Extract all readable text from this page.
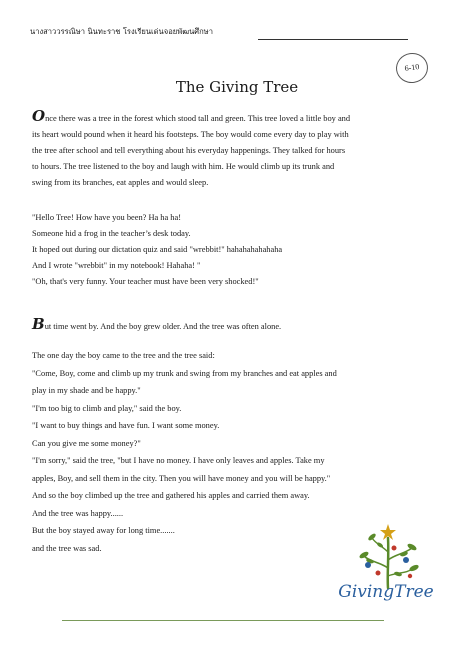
นางสาววรรณิษา นินทะราช โรงเรียนเด่นจอยพัฒนศึกษา
6-10
The Giving Tree
Once there was a tree in the forest which stood tall and green. This tree loved a little boy and
its heart would pound when it heard his footsteps. The boy would come every day to play with
the tree after school and tell everything about his everyday happenings. They talked for hours
to hours. The tree listened to the boy and laugh with him. He would climb up its trunk and
swing from its branches, eat apples and would sleep.
"Hello Tree! How have you been? Ha ha ha!
Someone hid a frog in the teacher’s desk today.
It hoped out during our dictation quiz and said "wrebbit!" hahahahahahaha
And I wrote "wrebbit" in my notebook! Hahaha! "
"Oh, that's very funny. Your teacher must have been very shocked!"
But time went by. And the boy grew older. And the tree was often alone.
The one day the boy came to the tree and the tree said:
"Come, Boy, come and climb up my trunk and swing from my branches and eat apples and
play in my shade and be happy."
"I'm too big to climb and play," said the boy.
"I want to buy things and have fun. I want some money.
Can you give me some money?"
"I'm sorry," said the tree, "but I have no money. I have only leaves and apples. Take my
apples, Boy, and sell them in the city. Then you will have money and you will be happy."
And so the boy climbed up the tree and gathered his apples and carried them away.
And the tree was happy......
But the boy stayed away for long time.......
and the tree was sad.
GivingTree
